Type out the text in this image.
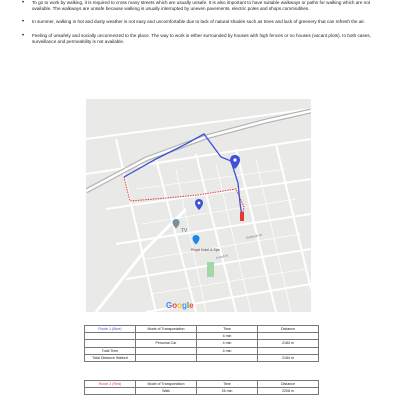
• To go to work by walking, it is required to cross many streets which are usually unsafe. It is also important to have suitable walkways or paths for walking which are not available. The walkways are unsafe because walking is usually interrupted by uneven pavements, electric poles and shops commodities.
• In summer, walking in hot and dusty weather is not easy and uncomfortable due to lack of natural shades such as trees and lack of greenery that can refresh the air.
• Feeling of unsafety and socially unconnected to the place. The way to work is either surrounded by houses with high fences or no houses (vacant plots). In both cases, surveillance and permeability is not available.
TV
Royal Hotel & Spa
Al Nafi St
Shalhoub St
Google
Route 1 (Blue)	Mode of Transportation	Time	Distance
		4 min	
	Personal Car	4 min	2184 m
Total Time		4 min	
Total Distance Walked			2184 m
Route 2 (Red)	Mode of Transportation	Time	Distance
	Walk	26 min	2208 m
